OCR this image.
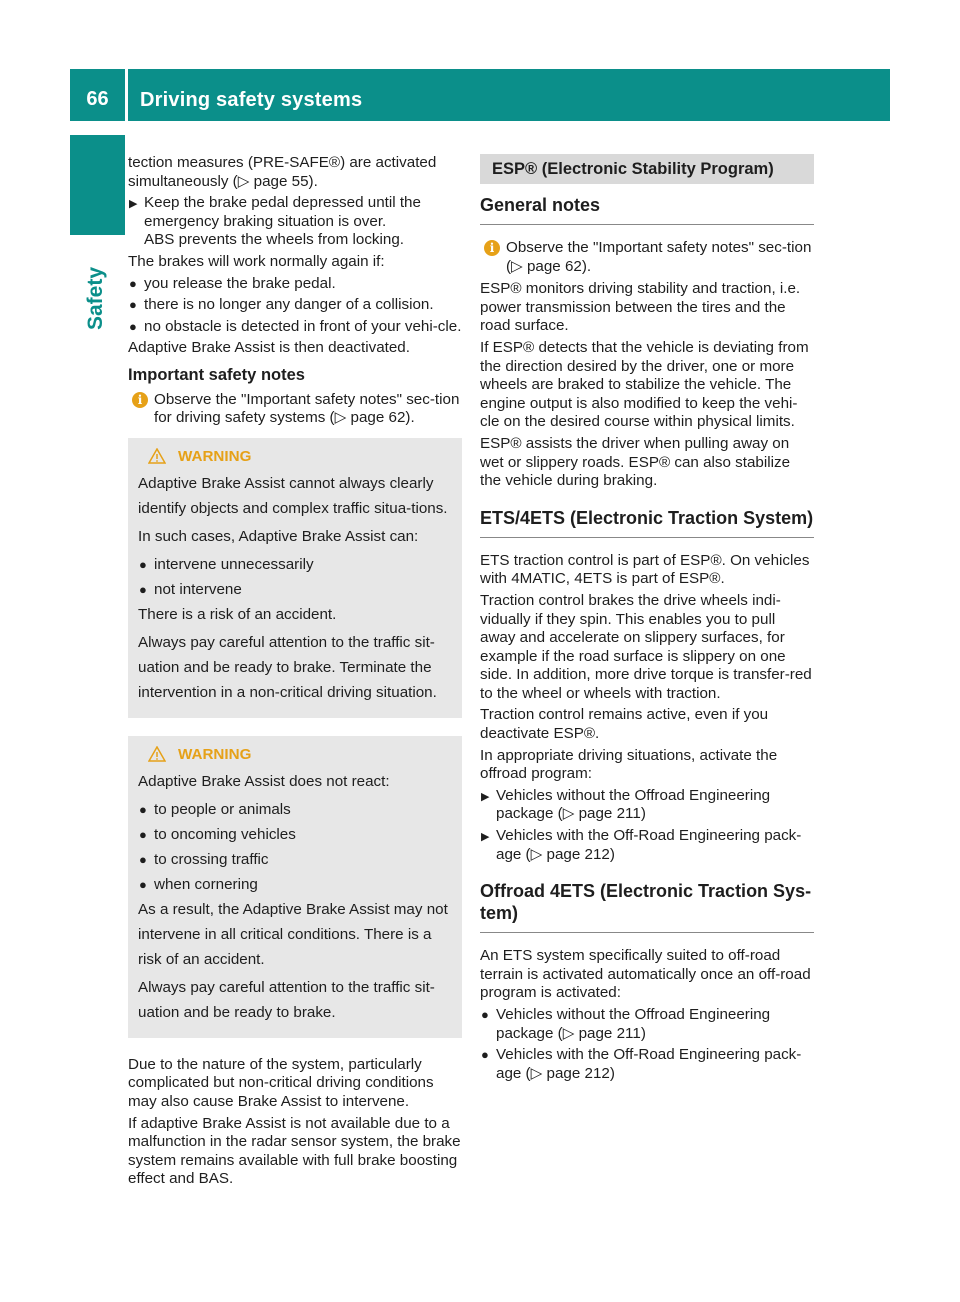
66	Driving safety systems
Safety

tection measures (PRE-SAFE®) are activated simultaneously (▷ page 55).

▶ Keep the brake pedal depressed until the emergency braking situation is over.
ABS prevents the wheels from locking.

The brakes will work normally again if:

● you release the brake pedal.
● there is no longer any danger of a collision.
● no obstacle is detected in front of your vehi-cle.

Adaptive Brake Assist is then deactivated.

Important safety notes
i Observe the "Important safety notes" sec-tion for driving safety systems (▷ page 62).
WARNING

Adaptive Brake Assist cannot always clearly identify objects and complex traffic situa-tions.

In such cases, Adaptive Brake Assist can:

● intervene unnecessarily
● not intervene

There is a risk of an accident.

Always pay careful attention to the traffic sit-uation and be ready to brake. Terminate the intervention in a non-critical driving situation.

WARNING

Adaptive Brake Assist does not react:

● to people or animals
● to oncoming vehicles
● to crossing traffic
● when cornering

As a result, the Adaptive Brake Assist may not intervene in all critical conditions. There is a risk of an accident.

Always pay careful attention to the traffic sit-uation and be ready to brake.

Due to the nature of the system, particularly complicated but non-critical driving conditions may also cause Brake Assist to intervene.

If adaptive Brake Assist is not available due to a malfunction in the radar sensor system, the brake system remains available with full brake boosting effect and BAS.

ESP® (Electronic Stability Program)
General notes
i Observe the "Important safety notes" sec-tion (▷ page 62).

ESP® monitors driving stability and traction, i.e. power transmission between the tires and the road surface.

If ESP® detects that the vehicle is deviating from the direction desired by the driver, one or more wheels are braked to stabilize the vehicle. The engine output is also modified to keep the vehi-cle on the desired course within physical limits.

ESP® assists the driver when pulling away on wet or slippery roads. ESP® can also stabilize the vehicle during braking.

ETS/4ETS (Electronic Traction System)

ETS traction control is part of ESP®. On vehicles with 4MATIC, 4ETS is part of ESP®.

Traction control brakes the drive wheels indi-vidually if they spin. This enables you to pull away and accelerate on slippery surfaces, for example if the road surface is slippery on one side. In addition, more drive torque is transfer-red to the wheel or wheels with traction.

Traction control remains active, even if you deactivate ESP®.

In appropriate driving situations, activate the offroad program:

▶ Vehicles without the Offroad Engineering package (▷ page 211)
▶ Vehicles with the Off-Road Engineering pack-age (▷ page 212)
Offroad 4ETS (Electronic Traction Sys-tem)

An ETS system specifically suited to off-road terrain is activated automatically once an off-road program is activated:

● Vehicles without the Offroad Engineering package (▷ page 211)
● Vehicles with the Off-Road Engineering pack-age (▷ page 212)
